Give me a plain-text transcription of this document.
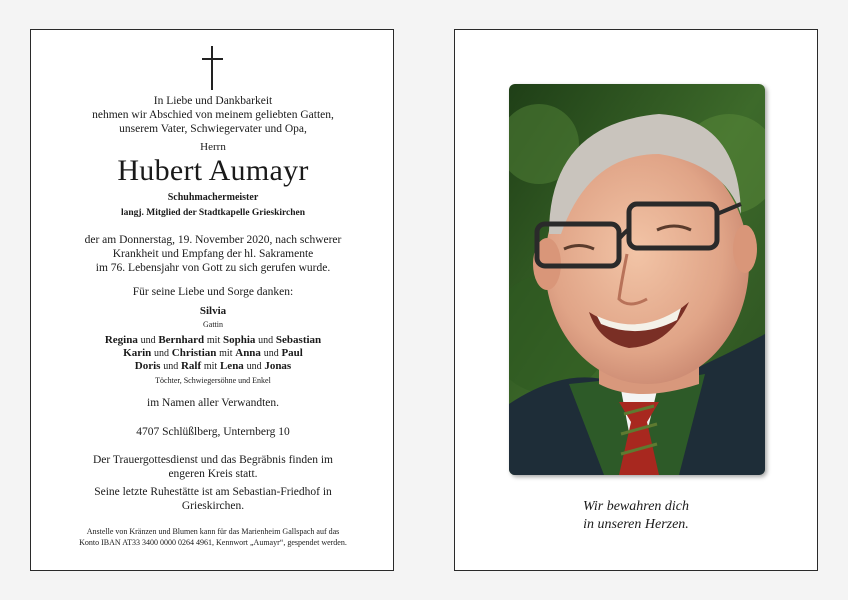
In Liebe und Dankbarkeit
nehmen wir Abschied von meinem geliebten Gatten,
unserem Vater, Schwiegervater und Opa,
Herrn
Hubert Aumayr
Schuhmachermeister
langj. Mitglied der Stadtkapelle Grieskirchen
der am Donnerstag, 19. November 2020, nach schwerer
Krankheit und Empfang der hl. Sakramente
im 76. Lebensjahr von Gott zu sich gerufen wurde.
Für seine Liebe und Sorge danken:
Silvia
Gattin
Regina und Bernhard mit Sophia und Sebastian
Karin und Christian mit Anna und Paul
Doris und Ralf mit Lena und Jonas
Töchter, Schwiegersöhne und Enkel
im Namen aller Verwandten.
4707 Schlüßlberg, Unternberg 10
Der Trauergottesdienst und das Begräbnis finden im
engeren Kreis statt.
Seine letzte Ruhestätte ist am Sebastian-Friedhof in
Grieskirchen.
Anstelle von Kränzen und Blumen kann für das Marienheim Gallspach auf das
Konto IBAN AT33 3400 0000 0264 4961, Kennwort „Aumayr“, gespendet werden.
Wir bewahren dich
in unseren Herzen.
